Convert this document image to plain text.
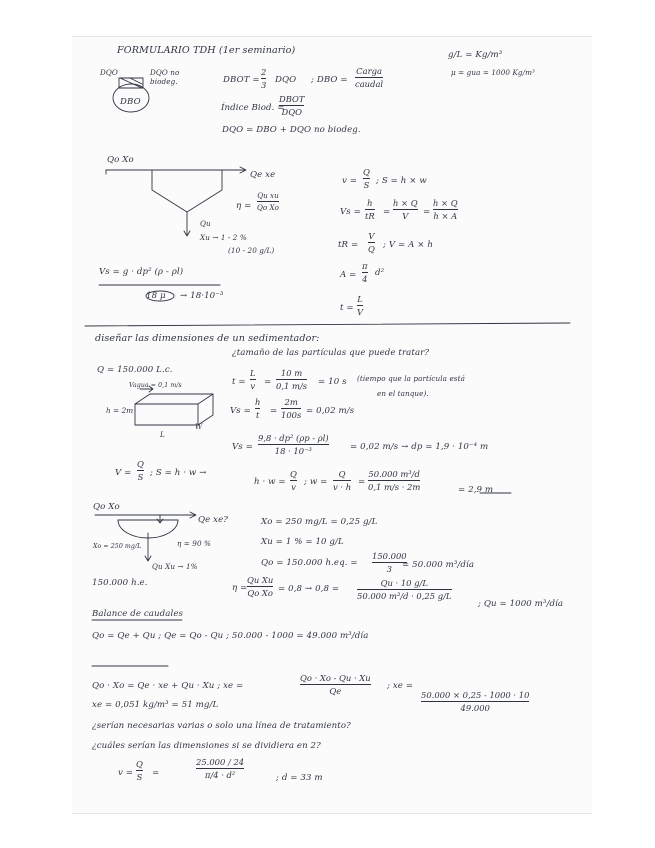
FORMULARIO TDH (1er seminario)	g/L = Kg/m³
μ = gua = 1000 Kg/m³
DQO	DQO no biodeg.
DBO
DBOT =
2
3
DQO ; DBO =
Carga
caudal
Índice Biod. =
DBOT
DQO
DQO = DBO + DQO no biodeg.
Qo Xo
Qe xe
Qu
Xu → 1 - 2 %
(10 - 20 g/L)
η =
Qu xu
Qo Xo
v =
Q
S ; S = h × w
Vs =
h
tR =
h × Q
V =
h × Q
h × A
tR =
V
Q ; V = A × h
A =
π
4
d²
t =
L
V
Vs = g · dp² (ρ - ρl)
18 μ → 18·10⁻³
diseñar las dimensiones de un sedimentador:
Q = 150.000 L.c.
¿tamaño de las partículas que puede tratar?
Vagua = 0,1 m/s
h = 2m
L
W
t =
L
v =
10 m
0,1 m/s = 10 s (tiempo que la partícula está
en el tanque).
Vs =
h
t =
2m
100s = 0,02 m/s
Vs =
9,8 · dp² (ρp - ρl)
18 · 10⁻³	= 0,02 m/s → dp = 1,9 · 10⁻⁴ m
V =
Q
S ; S = h · w →
h · w =
Q
v
; w =
Q
v · h
=
50.000 m³/d
0,1 m/s · 2m	= 2,9 m
Qo Xo
Qe xe?
Xo = 250 mg/L	η = 90 %
Qu Xu → 1%
150.000 h.e.
Xo = 250 mg/L = 0,25 g/L
Xu = 1 % = 10 g/L
Qo = 150.000 h.eq. =
150.000
3 = 50.000 m³/día
η =
Qu Xu
Qo Xo = 0,8 → 0,8 =
Qu · 10 g/L
50.000 m³/d · 0,25 g/L
; Qu = 1000 m³/día
Balance de caudales
Qo = Qe + Qu ; Qe = Qo - Qu ; 50.000 - 1000 = 49.000 m³/día
Qo · Xo = Qe · xe + Qu · Xu ; xe =
Qo · Xo - Qu · Xu
Qe
; xe =
50.000 × 0,25 - 1000 · 10
49.000
xe = 0,051 kg/m³ = 51 mg/L
¿serían necesarias varias o solo una línea de tratamiento?
¿cuáles serían las dimensiones si se dividiera en 2?
v =
Q
S =
25.000 / 24
π/4 · d²	; d = 33 m
